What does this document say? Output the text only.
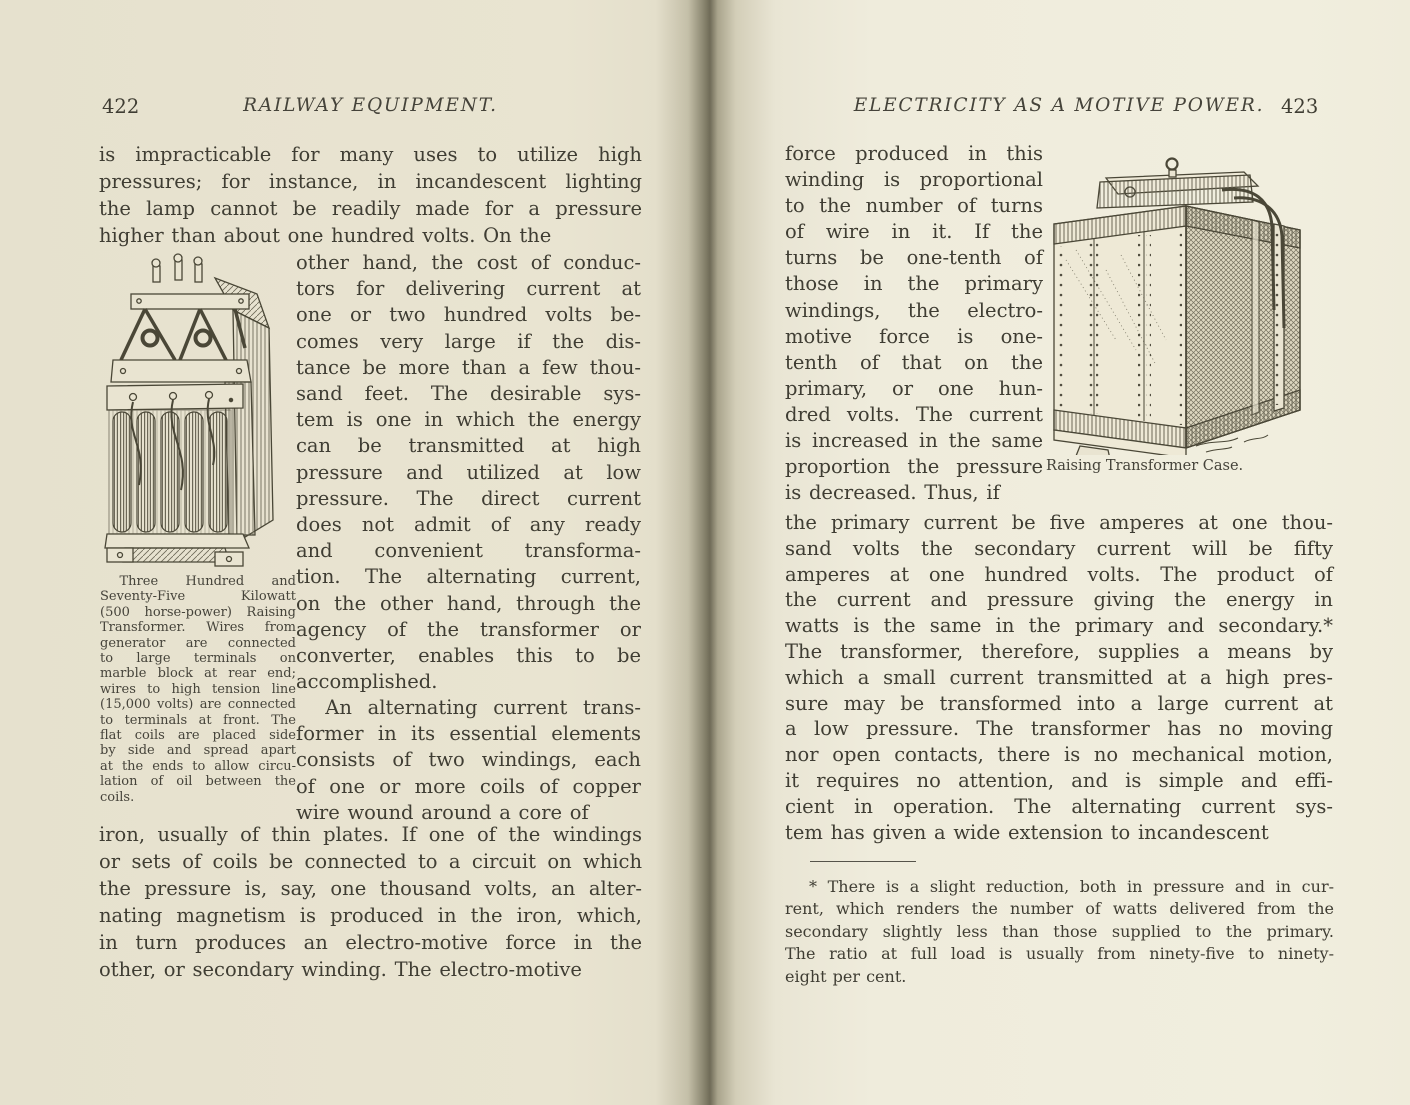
422	RAILWAY EQUIPMENT.
is impracticable for many uses to utilize high
pressures; for instance, in incandescent lighting
the lamp cannot be readily made for a pressure
higher than about one hundred volts. On the
Three Hundred and
Seventy-Five Kilowatt
(500 horse-power) Raising
Transformer. Wires from
generator are connected
to large terminals on
marble block at rear end;
wires to high tension line
(15,000 volts) are connected
to terminals at front. The
flat coils are placed side
by side and spread apart
at the ends to allow circu-
lation of oil between the
coils.
other hand, the cost of conduc-
tors for delivering current at
one or two hundred volts be-
comes very large if the dis-
tance be more than a few thou-
sand feet. The desirable sys-
tem is one in which the energy
can be transmitted at high
pressure and utilized at low
pressure. The direct current
does not admit of any ready
and convenient transforma-
tion. The alternating current,
on the other hand, through the
agency of the transformer or
converter, enables this to be
accomplished.
An alternating current trans-
former in its essential elements
consists of two windings, each
of one or more coils of copper
wire wound around a core of
iron, usually of thin plates. If one of the windings
or sets of coils be connected to a circuit on which
the pressure is, say, one thousand volts, an alter-
nating magnetism is produced in the iron, which,
in turn produces an electro-motive force in the
other, or secondary winding. The electro-motive
ELECTRICITY AS A MOTIVE POWER. 423
force produced in this
winding is proportional
to the number of turns
of wire in it. If the
turns be one-tenth of
those in the primary
windings, the electro-
motive force is one-
tenth of that on the
primary, or one hun-
dred volts. The current
is increased in the same
proportion the pressure
is decreased. Thus, if
Raising Transformer Case.
the primary current be five amperes at one thou-
sand volts the secondary current will be fifty
amperes at one hundred volts. The product of
the current and pressure giving the energy in
watts is the same in the primary and secondary.*
The transformer, therefore, supplies a means by
which a small current transmitted at a high pres-
sure may be transformed into a large current at
a low pressure. The transformer has no moving
nor open contacts, there is no mechanical motion,
it requires no attention, and is simple and effi-
cient in operation. The alternating current sys-
tem has given a wide extension to incandescent
* There is a slight reduction, both in pressure and in cur-
rent, which renders the number of watts delivered from the
secondary slightly less than those supplied to the primary.
The ratio at full load is usually from ninety-five to ninety-
eight per cent.
